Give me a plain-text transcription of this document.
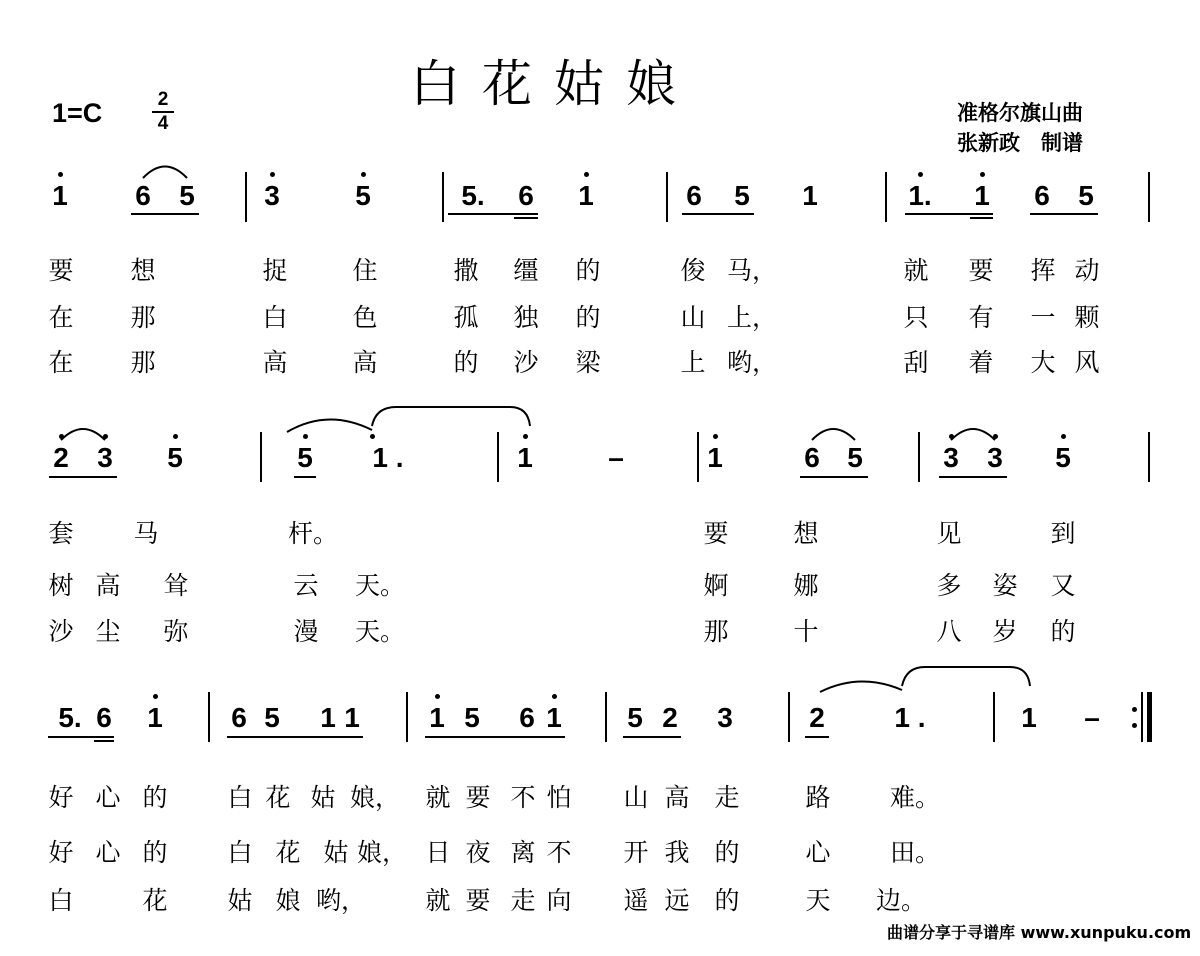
白花姑娘
1=C	2
4	准格尔旗山曲
张新政　制谱
1 6 5 3	5	5. 6 1	6 5 1	1. 1 6 5
要 想	捉	住	撒 缰 的	俊 马，	就 要 挥 动
在 那	白	色	孤 独 的	山 上，	只 有 一 颗
在 那	高	高	的 沙 梁	上 哟，	刮 着 大 风
2 3 5	5 1 .	1	–	1	6 5	3 3 5
套 马	杆。	要	想	见	到
树 高 耸	云 天。	婀	娜	多 姿 又
沙 尘 弥	漫 天。	那	十	八 岁 的
5. 6 1 6 5 1 1 1 5 6 1 5 2 3	2 1 .	1 –
好 心 的 白 花 姑 娘， 就 要 不 怕 山 高 走	路 难。
好 心 的 白 花 姑 娘， 日 夜 离 不 开 我 的	心 田。
白	花 姑 娘 哟， 就 要 走 向 遥 远 的	天 边。
曲谱分享于寻谱库 www.xunpuku.com
